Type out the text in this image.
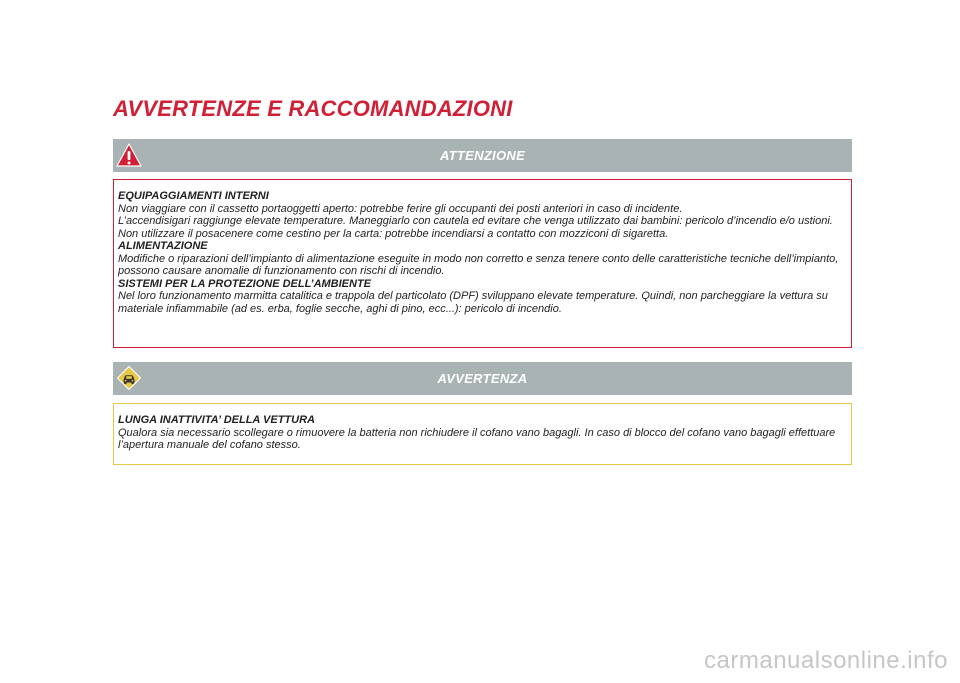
AVVERTENZE E RACCOMANDAZIONI
ATTENZIONE
EQUIPAGGIAMENTI INTERNI
Non viaggiare con il cassetto portaoggetti aperto: potrebbe ferire gli occupanti dei posti anteriori in caso di incidente.
L’accendisigari raggiunge elevate temperature. Maneggiarlo con cautela ed evitare che venga utilizzato dai bambini: pericolo d’incendio e/o ustioni.
Non utilizzare il posacenere come cestino per la carta: potrebbe incendiarsi a contatto con mozziconi di sigaretta.
ALIMENTAZIONE
Modifiche o riparazioni dell’impianto di alimentazione eseguite in modo non corretto e senza tenere conto delle caratteristiche tecniche dell’impianto, possono causare anomalie di funzionamento con rischi di incendio.
SISTEMI PER LA PROTEZIONE DELL’AMBIENTE
Nel loro funzionamento marmitta catalitica e trappola del particolato (DPF) sviluppano elevate temperature. Quindi, non parcheggiare la vettura su materiale infiammabile (ad es. erba, foglie secche, aghi di pino, ecc...): pericolo di incendio.
AVVERTENZA
LUNGA INATTIVITA’ DELLA VETTURA
Qualora sia necessario scollegare o rimuovere la batteria non richiudere il cofano vano bagagli. In caso di blocco del cofano vano bagagli effettuare l’apertura manuale del cofano stesso.
carmanualsonline.info
